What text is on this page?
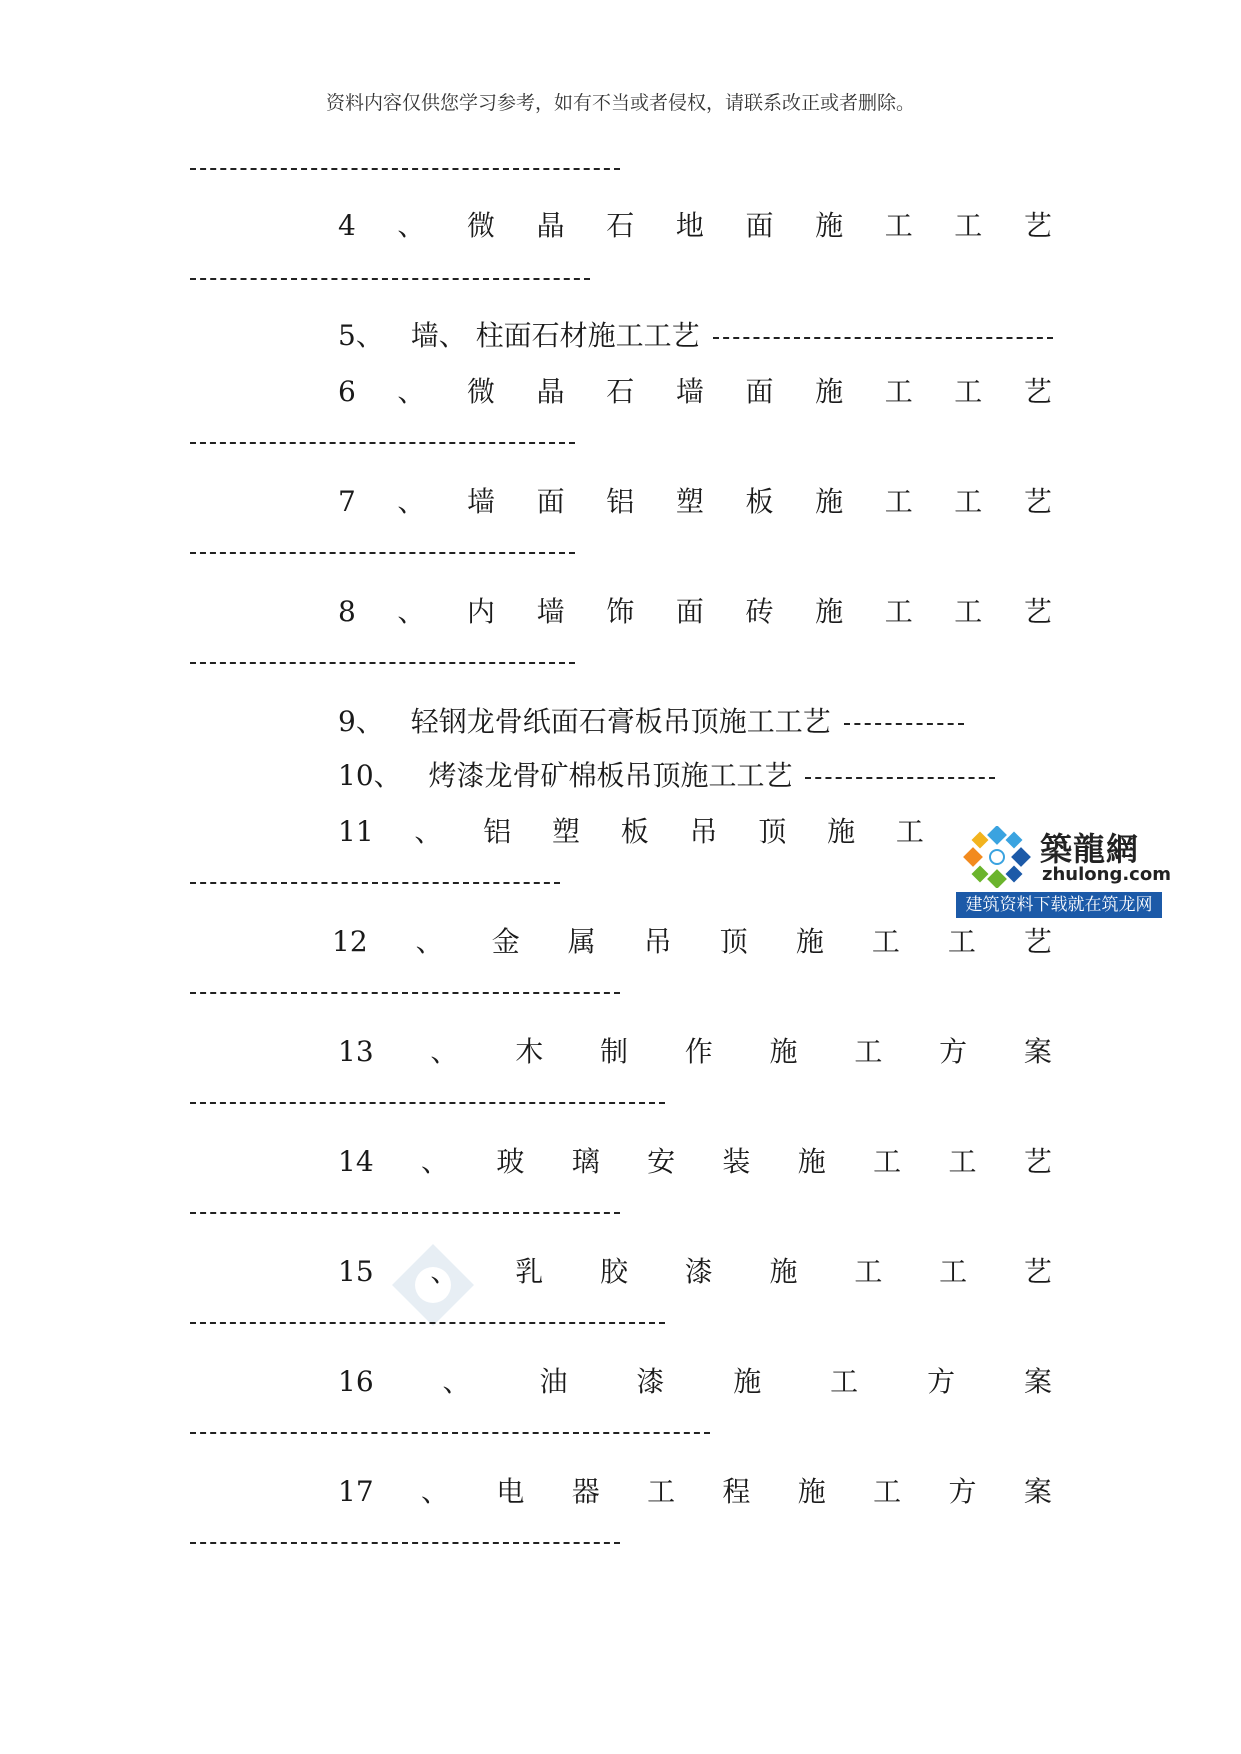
资料内容仅供您学习参考，如有不当或者侵权，请联系改正或者删除。
4 、 微 晶 石 地 面 施 工 工 艺
5、 墙、 柱面石材施工工艺
6 、 微 晶 石 墙 面 施 工 工 艺
7 、 墙 面 铝 塑 板 施 工 工 艺
8 、 内 墙 饰 面 砖 施 工 工 艺
9、 轻钢龙骨纸面石膏板吊顶施工工艺
10、 烤漆龙骨矿棉板吊顶施工工艺
11 、 铝 塑 板 吊 顶 施 工	築龍網
zhulong.com
建筑资料下载就在筑龙网
12 、 金 属 吊 顶 施 工 工 艺
13 、 木 制 作 施 工 方 案
14 、 玻 璃 安 装 施 工 工 艺
15 、 乳 胶 漆 施 工 工 艺
16 、 油 漆 施 工 方 案
17 、 电 器 工 程 施 工 方 案
